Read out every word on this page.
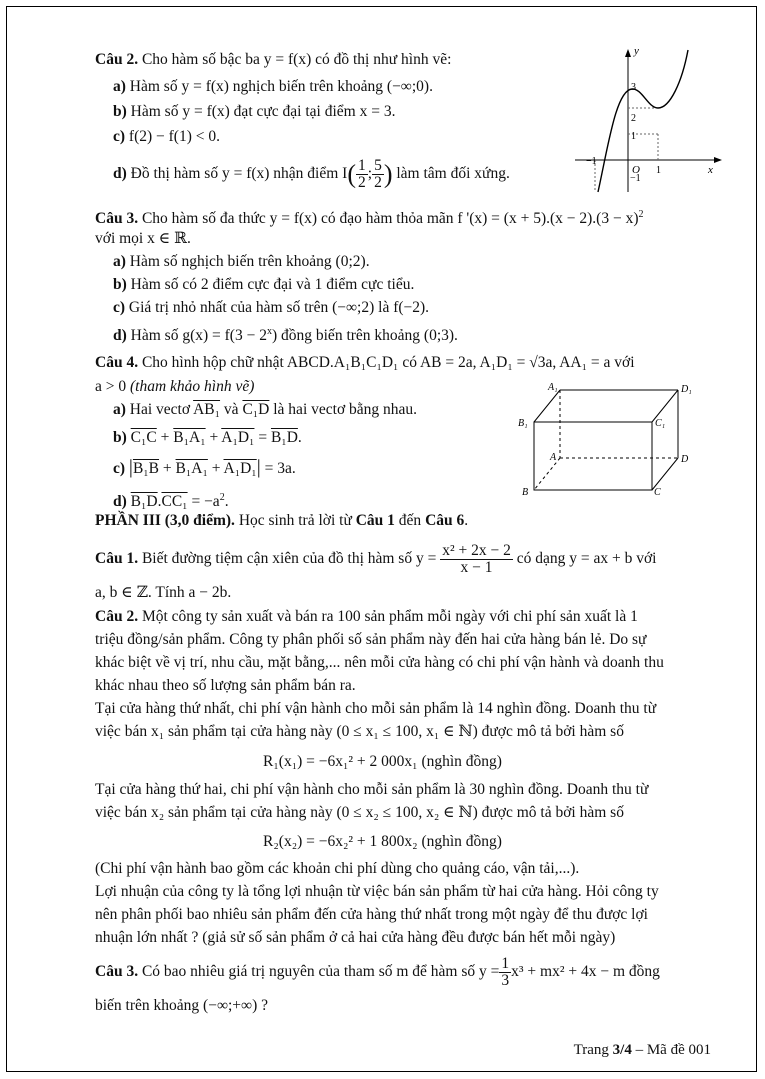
Câu 2. Cho hàm số bậc ba y = f(x) có đồ thị như hình vẽ:
a) Hàm số y = f(x) nghịch biến trên khoảng (−∞;0).
b) Hàm số y = f(x) đạt cực đại tại điểm x = 3.
c) f(2) − f(1) < 0.
d) Đồ thị hàm số y = f(x) nhận điểm $I( \frac{1}{2}$ ; $\frac{5}{2}$ ) làm tâm đối xứng.
y
x
O
3
2
1
−1
−1
1
Câu 3. Cho hàm số đa thức y = f(x) có đạo hàm thỏa mãn f '$(x) = (x + 5).(x - 2).(3 - x)^2$
với mọi x ∈ ℝ.
a) Hàm số nghịch biến trên khoảng (0;2).
b) Hàm số có 2 điểm cực đại và 1 điểm cực tiểu.
c) Giá trị nhỏ nhất của hàm số trên (−∞;2) là f(−2).
d) Hàm số $g(x) = f(3 - 2^x)$ đồng biến trên khoảng (0;3).
Câu 4. Cho hình hộp chữ nhật ABCD.A₁B₁C₁D₁ có AB = 2a, A₁D₁ = √3a, AA₁ = a với
a > 0 (tham khảo hình vẽ)
a) Hai vectơ AB₁ và C₁D là hai vectơ bằng nhau.
b) C₁C + B₁A₁ + A₁D₁ = B₁D.
c) |B₁B + B₁A₁ + A₁D₁| = 3a.
d) $B_1D.CC_1 = -a^2$.
A₁	D₁
B₁	C₁
A	D
B	C
PHẦN III (3,0 điểm). Học sinh trả lời từ Câu 1 đến Câu 6.
Câu 1. Biết đường tiệm cận xiên của đồ thị hàm số $y = \frac{\text{x² + 2x − 2}}{x - 1}$ có dạng y = ax + b với
a, b ∈ ℤ. Tính a − 2b.
Câu 2. Một công ty sản xuất và bán ra 100 sản phẩm mỗi ngày với chi phí sản xuất là 1
triệu đồng/sản phẩm. Công ty phân phối số sản phẩm này đến hai cửa hàng bán lẻ. Do sự
khác biệt về vị trí, nhu cầu, mặt bằng,... nên mỗi cửa hàng có chi phí vận hành và doanh thu
khác nhau theo số lượng sản phẩm bán ra.
Tại cửa hàng thứ nhất, chi phí vận hành cho mỗi sản phẩm là 14 nghìn đồng. Doanh thu từ
việc bán x₁ sản phẩm tại cửa hàng này (0 ≤ x₁ ≤ 100, x₁ ∈ ℕ) được mô tả bởi hàm số
R₁(x₁) = −6x₁² + 2 000x₁ (nghìn đồng)
Tại cửa hàng thứ hai, chi phí vận hành cho mỗi sản phẩm là 30 nghìn đồng. Doanh thu từ
việc bán x₂ sản phẩm tại cửa hàng này (0 ≤ x₂ ≤ 100, x₂ ∈ ℕ) được mô tả bởi hàm số
R₂(x₂) = −6x₂² + 1 800x₂ (nghìn đồng)
(Chi phí vận hành bao gồm các khoản chi phí dùng cho quảng cáo, vận tải,...).
Lợi nhuận của công ty là tổng lợi nhuận từ việc bán sản phẩm từ hai cửa hàng. Hỏi công ty
nên phân phối bao nhiêu sản phẩm đến cửa hàng thứ nhất trong một ngày để thu được lợi
nhuận lớn nhất ? (giả sử số sản phẩm ở cả hai cửa hàng đều được bán hết mỗi ngày)
Câu 3. Có bao nhiêu giá trị nguyên của tham số m để hàm số $y = \frac{1}{3} x^3 + mx^2 + 4x - m$ đồng
biến trên khoảng (−∞;+∞) ?
Trang 3/4 – Mã đề 001
